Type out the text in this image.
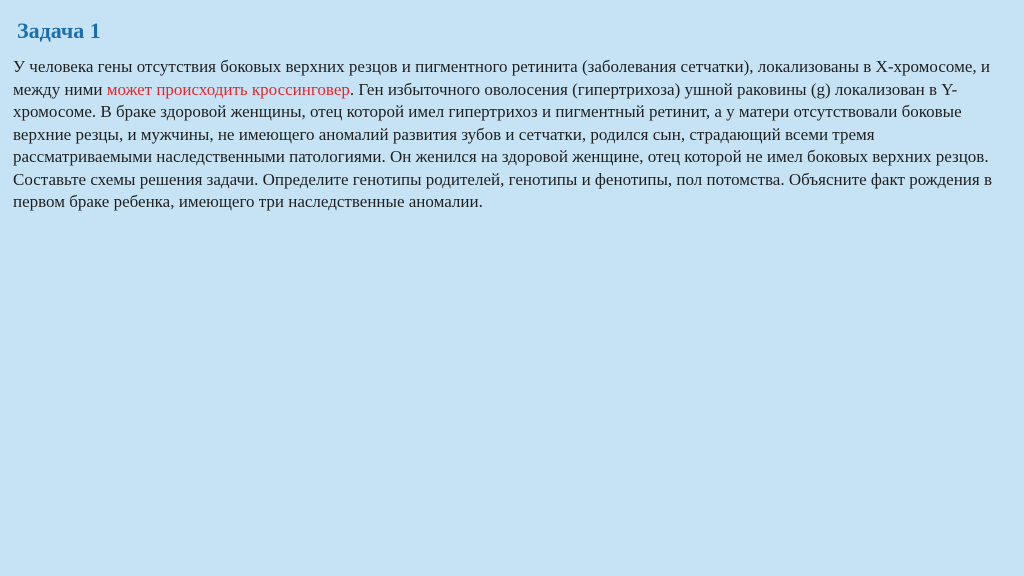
Задача 1

У человека гены отсутствия боковых верхних резцов и пигментного ретинита (заболевания сетчатки), локализованы в Х-хромосоме, и между ними может происходить кроссинговер. Ген избыточного оволосения (гипертрихоза) ушной раковины (g) локализован в Y-хромосоме. В браке здоровой женщины, отец которой имел гипертрихоз и пигментный ретинит, а у матери отсутствовали боковые верхние резцы, и мужчины, не имеющего аномалий развития зубов и сетчатки, родился сын, страдающий всеми тремя рассматриваемыми наследственными патологиями. Он женился на здоровой женщине, отец которой не имел боковых верхних резцов. Составьте схемы решения задачи. Определите генотипы родителей, генотипы и фенотипы, пол потомства. Объясните факт рождения в первом браке ребенка, имеющего три наследственные аномалии.
